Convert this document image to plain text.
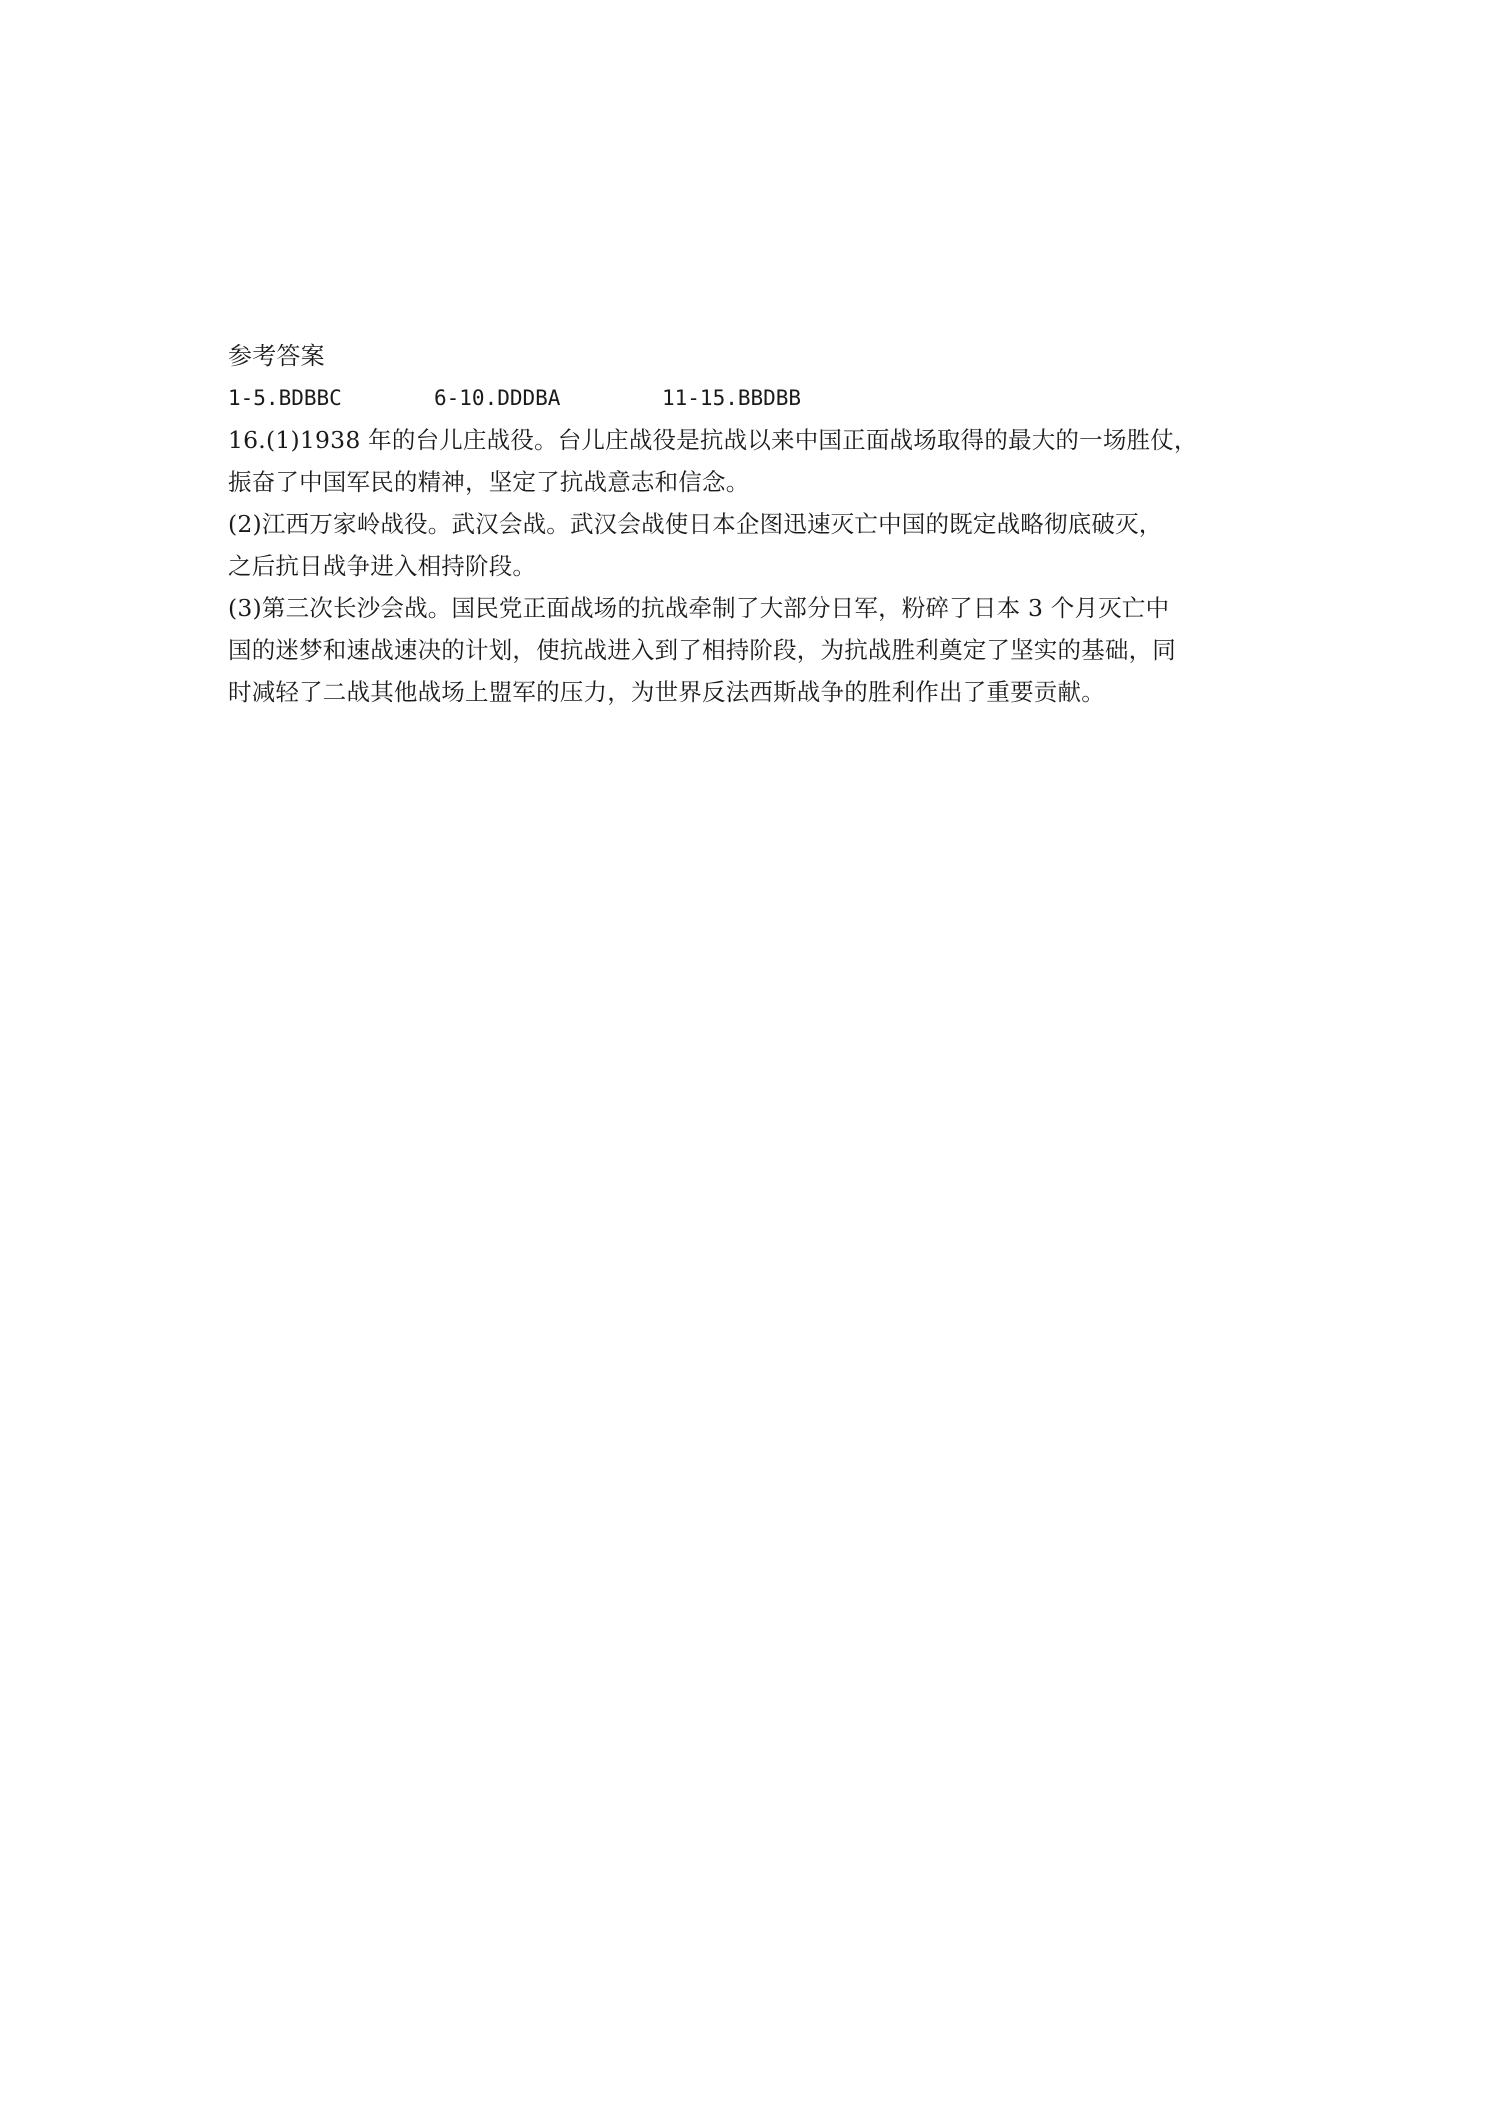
参考答案
1-5.BDBBC	6-10.DDDBA	11-15.BBDBB
16.(1)1938 年的台儿庄战役。台儿庄战役是抗战以来中国正面战场取得的最大的一场胜仗，
振奋了中国军民的精神，坚定了抗战意志和信念。
(2)江西万家岭战役。武汉会战。武汉会战使日本企图迅速灭亡中国的既定战略彻底破灭，
之后抗日战争进入相持阶段。
(3)第三次长沙会战。国民党正面战场的抗战牵制了大部分日军，粉碎了日本 3 个月灭亡中
国的迷梦和速战速决的计划，使抗战进入到了相持阶段，为抗战胜利奠定了坚实的基础，同
时减轻了二战其他战场上盟军的压力，为世界反法西斯战争的胜利作出了重要贡献。
